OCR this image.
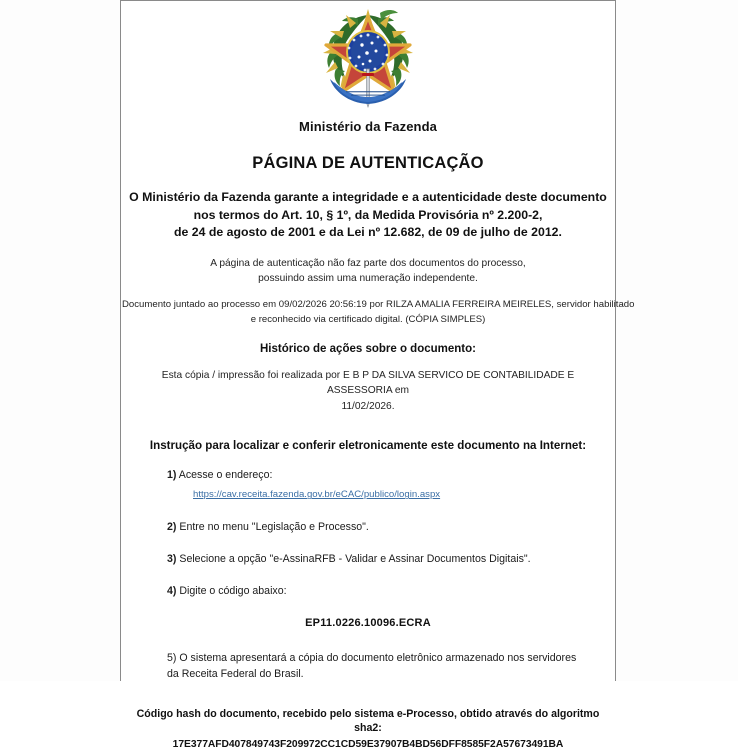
Ministério da Fazenda
PÁGINA DE AUTENTICAÇÃO
O Ministério da Fazenda garante a integridade e a autenticidade deste documento
nos termos do Art. 10, § 1º, da Medida Provisória nº 2.200-2,
de 24 de agosto de 2001 e da Lei nº 12.682, de 09 de julho de 2012.
A página de autenticação não faz parte dos documentos do processo,
possuindo assim uma numeração independente.
Documento juntado ao processo em 09/02/2026 20:56:19 por RILZA AMALIA FERREIRA MEIRELES, servidor habilitado
e reconhecido via certificado digital. (CÓPIA SIMPLES)
Histórico de ações sobre o documento:
Esta cópia / impressão foi realizada por E B P DA SILVA SERVICO DE CONTABILIDADE E ASSESSORIA em
11/02/2026.
Instrução para localizar e conferir eletronicamente este documento na Internet:
1) Acesse o endereço:
https://cav.receita.fazenda.gov.br/eCAC/publico/login.aspx
2) Entre no menu "Legislação e Processo".
3) Selecione a opção "e-AssinaRFB - Validar e Assinar Documentos Digitais".
4) Digite o código abaixo:
EP11.0226.10096.ECRA
5) O sistema apresentará a cópia do documento eletrônico armazenado nos servidores
da Receita Federal do Brasil.
Código hash do documento, recebido pelo sistema e-Processo, obtido através do algoritmo sha2:
17E377AFD407849743F209972CC1CD59E37907B4BD56DFF8585F2A57673491BA
